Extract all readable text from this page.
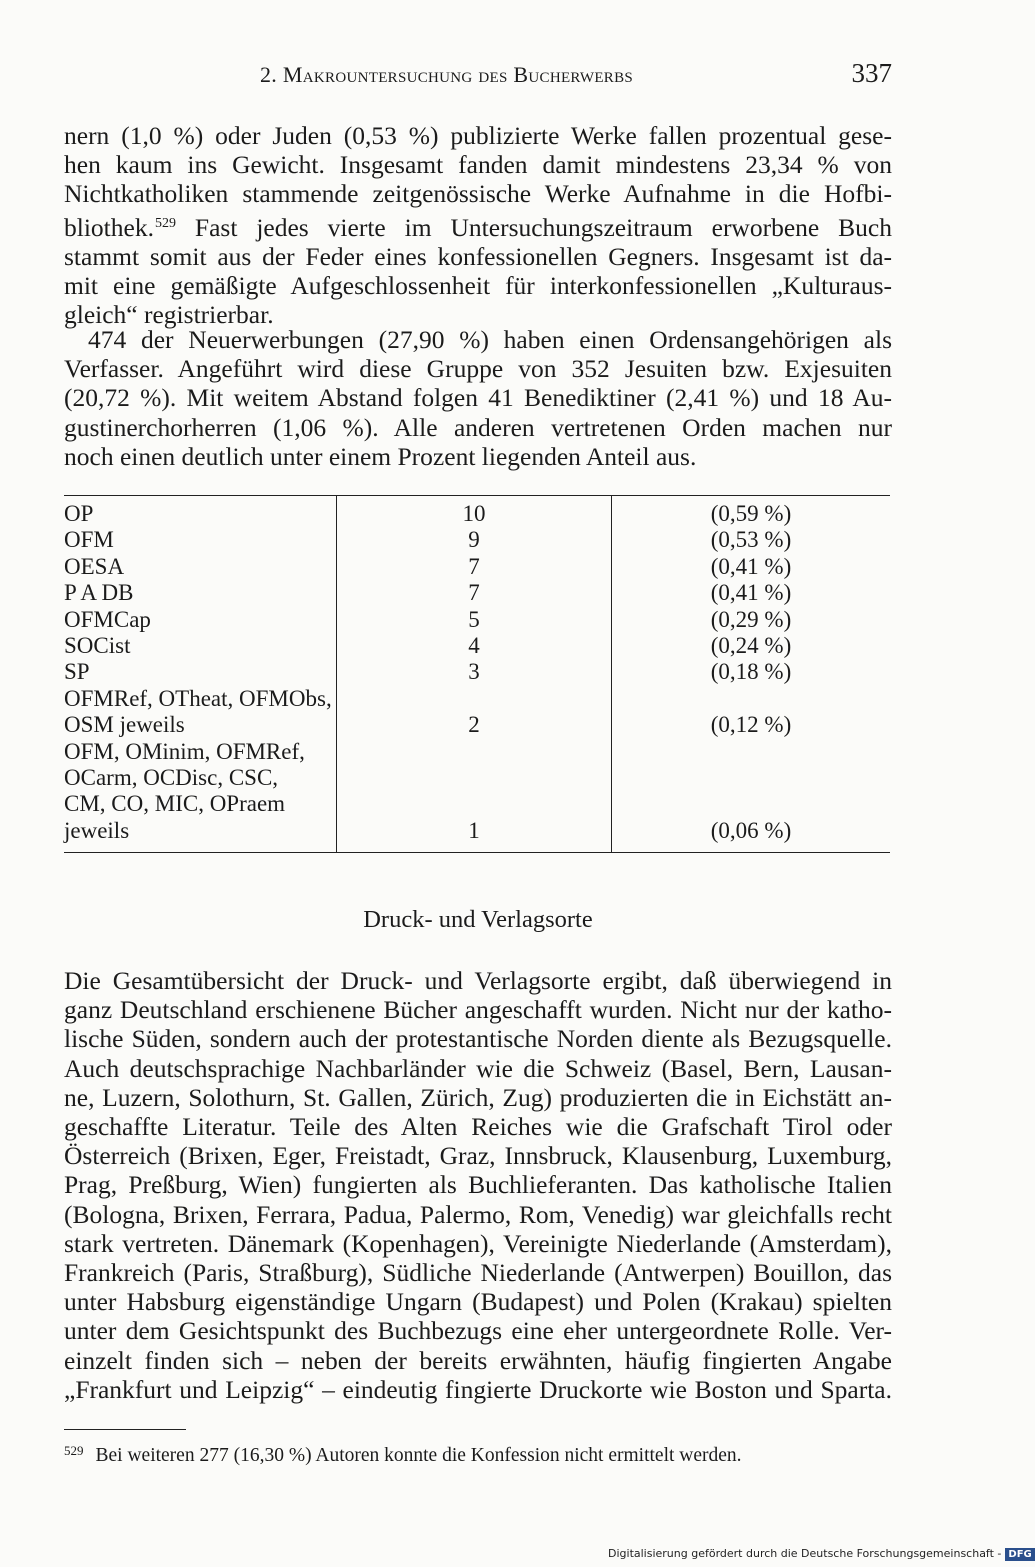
2. Makrountersuchung des Bucherwerbs	337
nern (1,0 %) oder Juden (0,53 %) publizierte Werke fallen prozentual gese-
hen kaum ins Gewicht. Insgesamt fanden damit mindestens 23,34 % von
Nichtkatholiken stammende zeitgenössische Werke Aufnahme in die Hofbi-
bliothek.$^{529}$ Fast jedes vierte im Untersuchungszeitraum erworbene Buch
stammt somit aus der Feder eines konfessionellen Gegners. Insgesamt ist da-
mit eine gemäßigte Aufgeschlossenheit für interkonfessionellen „Kulturaus-
gleich“ registrierbar.
474 der Neuerwerbungen (27,90 %) haben einen Ordensangehörigen als
Verfasser. Angeführt wird diese Gruppe von 352 Jesuiten bzw. Exjesuiten
(20,72 %). Mit weitem Abstand folgen 41 Benediktiner (2,41 %) und 18 Au-
gustinerchorherren (1,06 %). Alle anderen vertretenen Orden machen nur
noch einen deutlich unter einem Prozent liegenden Anteil aus.
OP	10	(0,59 %)

OFM	9	(0,53 %)

OESA	7	(0,41 %)

P A DB	7	(0,41 %)

OFMCap	5	(0,29 %)

SOCist	4	(0,24 %)

SP	3	(0,18 %)

OFMRef, OTheat, OFMObs,
OSM jeweils	2	(0,12 %)

OFM, OMinim, OFMRef,
OCarm, OCDisc, CSC,
CM, CO, MIC, OPraem
jeweils	1	(0,06 %)
Druck- und Verlagsorte
Die Gesamtübersicht der Druck- und Verlagsorte ergibt, daß überwiegend in
ganz Deutschland erschienene Bücher angeschafft wurden. Nicht nur der katho-
lische Süden, sondern auch der protestantische Norden diente als Bezugsquelle.
Auch deutschsprachige Nachbarländer wie die Schweiz (Basel, Bern, Lausan-
ne, Luzern, Solothurn, St. Gallen, Zürich, Zug) produzierten die in Eichstätt an-
geschaffte Literatur. Teile des Alten Reiches wie die Grafschaft Tirol oder
Österreich (Brixen, Eger, Freistadt, Graz, Innsbruck, Klausenburg, Luxemburg,
Prag, Preßburg, Wien) fungierten als Buchlieferanten. Das katholische Italien
(Bologna, Brixen, Ferrara, Padua, Palermo, Rom, Venedig) war gleichfalls recht
stark vertreten. Dänemark (Kopenhagen), Vereinigte Niederlande (Amsterdam),
Frankreich (Paris, Straßburg), Südliche Niederlande (Antwerpen) Bouillon, das
unter Habsburg eigenständige Ungarn (Budapest) und Polen (Krakau) spielten
unter dem Gesichtspunkt des Buchbezugs eine eher untergeordnete Rolle. Ver-
einzelt finden sich – neben der bereits erwähnten, häufig fingierten Angabe
„Frankfurt und Leipzig“ – eindeutig fingierte Druckorte wie Boston und Sparta.
$^{529}$ Bei weiteren 277 (16,30 %) Autoren konnte die Konfession nicht ermittelt werden.
Digitalisierung gefördert durch die Deutsche Forschungsgemeinschaft - DFG
